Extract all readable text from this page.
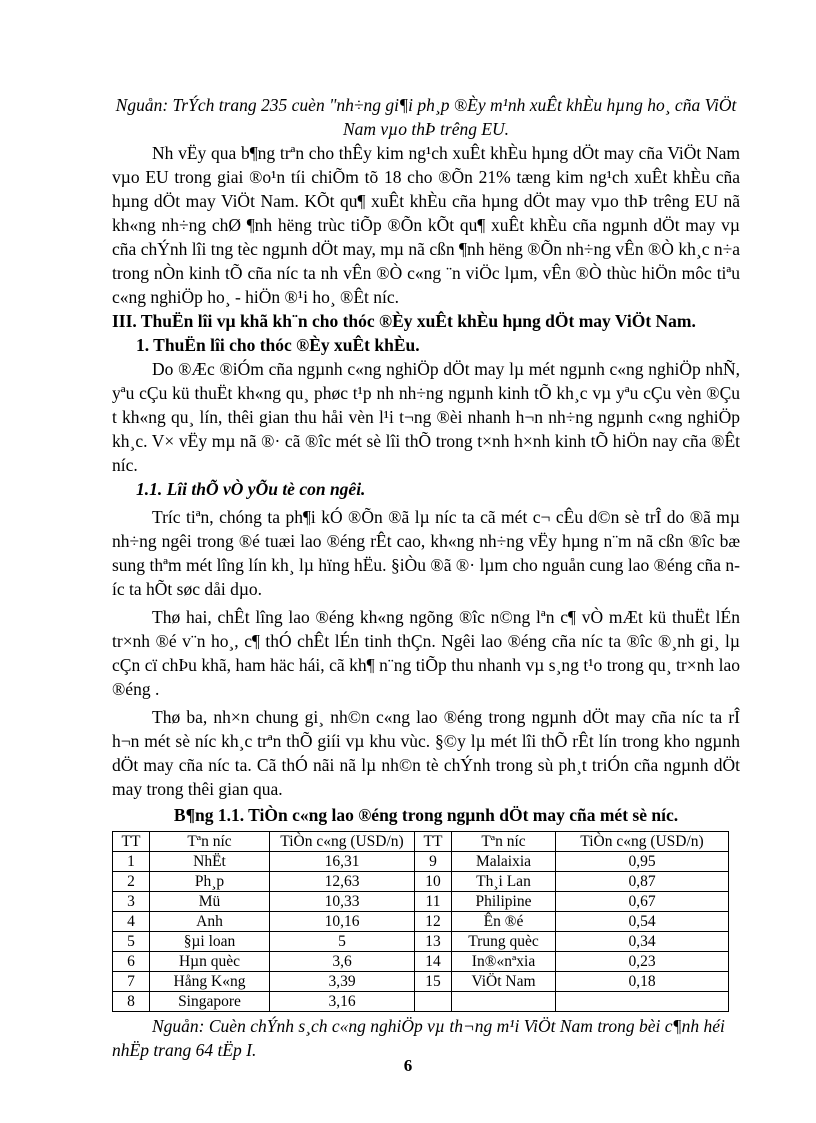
Nguån: TrÝch trang 235 cuèn "nh÷ng gi¶i ph¸p ®Èy m¹nh xuÊt khÈu hµng ho¸ cña ViÖt Nam vµo thÞ trêng EU.

Nh vËy qua b¶ng trªn cho thÊy kim ng¹ch xuÊt khÈu hµng dÖt may cña ViÖt Nam vµo EU trong giai ®o¹n tíi chiÕm tõ 18 cho ®Õn 21% tæng kim ng¹ch xuÊt khÈu cña hµng dÖt may ViÖt Nam. KÕt qu¶ xuÊt khÈu cña hµng dÖt may vµo thÞ trêng EU nã kh«ng nh÷ng chØ ¶nh hëng trùc tiÕp ®Õn kÕt qu¶ xuÊt khÈu cña ngµnh dÖt may vµ cña chÝnh lîi tng tèc ngµnh dÖt may, mµ nã cßn ¶nh hëng ®Õn nh÷ng vÊn ®Ò kh¸c n÷a trong nÒn kinh tÕ cña níc ta nh vÊn ®Ò c«ng ¨n viÖc lµm, vÊn ®Ò thùc hiÖn môc tiªu c«ng nghiÖp ho¸ - hiÖn ®¹i ho¸ ®Êt níc.

III. ThuËn lîi vµ khã kh¨n cho thóc ®Èy xuÊt khÈu hµng dÖt may ViÖt Nam.
1. ThuËn lîi cho thóc ®Èy xuÊt khÈu.

Do ®Æc ®iÓm cña ngµnh c«ng nghiÖp dÖt may lµ mét ngµnh c«ng nghiÖp nhÑ, yªu cÇu kü thuËt kh«ng qu¸ phøc t¹p nh nh÷ng ngµnh kinh tÕ kh¸c vµ yªu cÇu vèn ®Çu t kh«ng qu¸ lín, thêi gian thu håi vèn l¹i t¬ng ®èi nhanh h¬n nh÷ng ngµnh c«ng nghiÖp kh¸c. V× vËy mµ nã ®· cã ®îc mét sè lîi thÕ trong t×nh h×nh kinh tÕ hiÖn nay cña ®Êt níc.

1.1. Lîi thÕ vÒ yÕu tè con ngêi.

Tríc tiªn, chóng ta ph¶i kÓ ®Õn ®ã lµ níc ta cã mét c¬ cÊu d©n sè trÎ do ®ã mµ nh÷ng ngêi trong ®é tuæi lao ®éng rÊt cao, kh«ng nh÷ng vËy hµng n¨m nã cßn ®îc bæ sung thªm mét lîng lín kh¸ lµ hïng hËu. §iÒu ®ã ®· lµm cho nguån cung lao ®éng cña níc ta hÕt søc dåi dµo.

Thø hai, chÊt lîng lao ®éng kh«ng ngõng ®îc n©ng lªn c¶ vÒ mÆt kü thuËt lÉn tr×nh ®é v¨n ho¸, c¶ thÓ chÊt lÉn tinh thÇn. Ngêi lao ®éng cña níc ta ®îc ®¸nh gi¸ lµ cÇn cï chÞu khã, ham häc hái, cã kh¶ n¨ng tiÕp thu nhanh vµ s¸ng t¹o trong qu¸ tr×nh lao ®éng .

Thø ba, nh×n chung gi¸ nh©n c«ng lao ®éng trong ngµnh dÖt may cña níc ta rÎ h¬n mét sè níc kh¸c trªn thÕ giíi vµ khu vùc. §©y lµ mét lîi thÕ rÊt lín trong kho ngµnh dÖt may cña níc ta. Cã thÓ nãi nã lµ nh©n tè chÝnh trong sù ph¸t triÓn cña ngµnh dÖt may trong thêi gian qua.

B¶ng 1.1. TiÒn c«ng lao ®éng trong ngµnh dÖt may cña mét sè níc.

TT	Tªn níc	TiÒn c«ng (USD/n)	TT	Tªn níc	TiÒn c«ng (USD/n)
1	NhËt	16,31	9	Malaixia	0,95
2	Ph¸p	12,63	10	Th¸i Lan	0,87
3	Mü	10,33	11	Philipine	0,67
4	Anh	10,16	12	Ên ®é	0,54
5	§µi loan	5	13	Trung quèc	0,34
6	Hµn quèc	3,6	14	In®«nªxia	0,23
7	Hång K«ng	3,39	15	ViÖt Nam	0,18
8	Singapore	3,16			

Nguån: Cuèn chÝnh s¸ch c«ng nghiÖp vµ th¬ng m¹i ViÖt Nam trong bèi c¶nh héi nhËp trang 64 tËp I.

6
